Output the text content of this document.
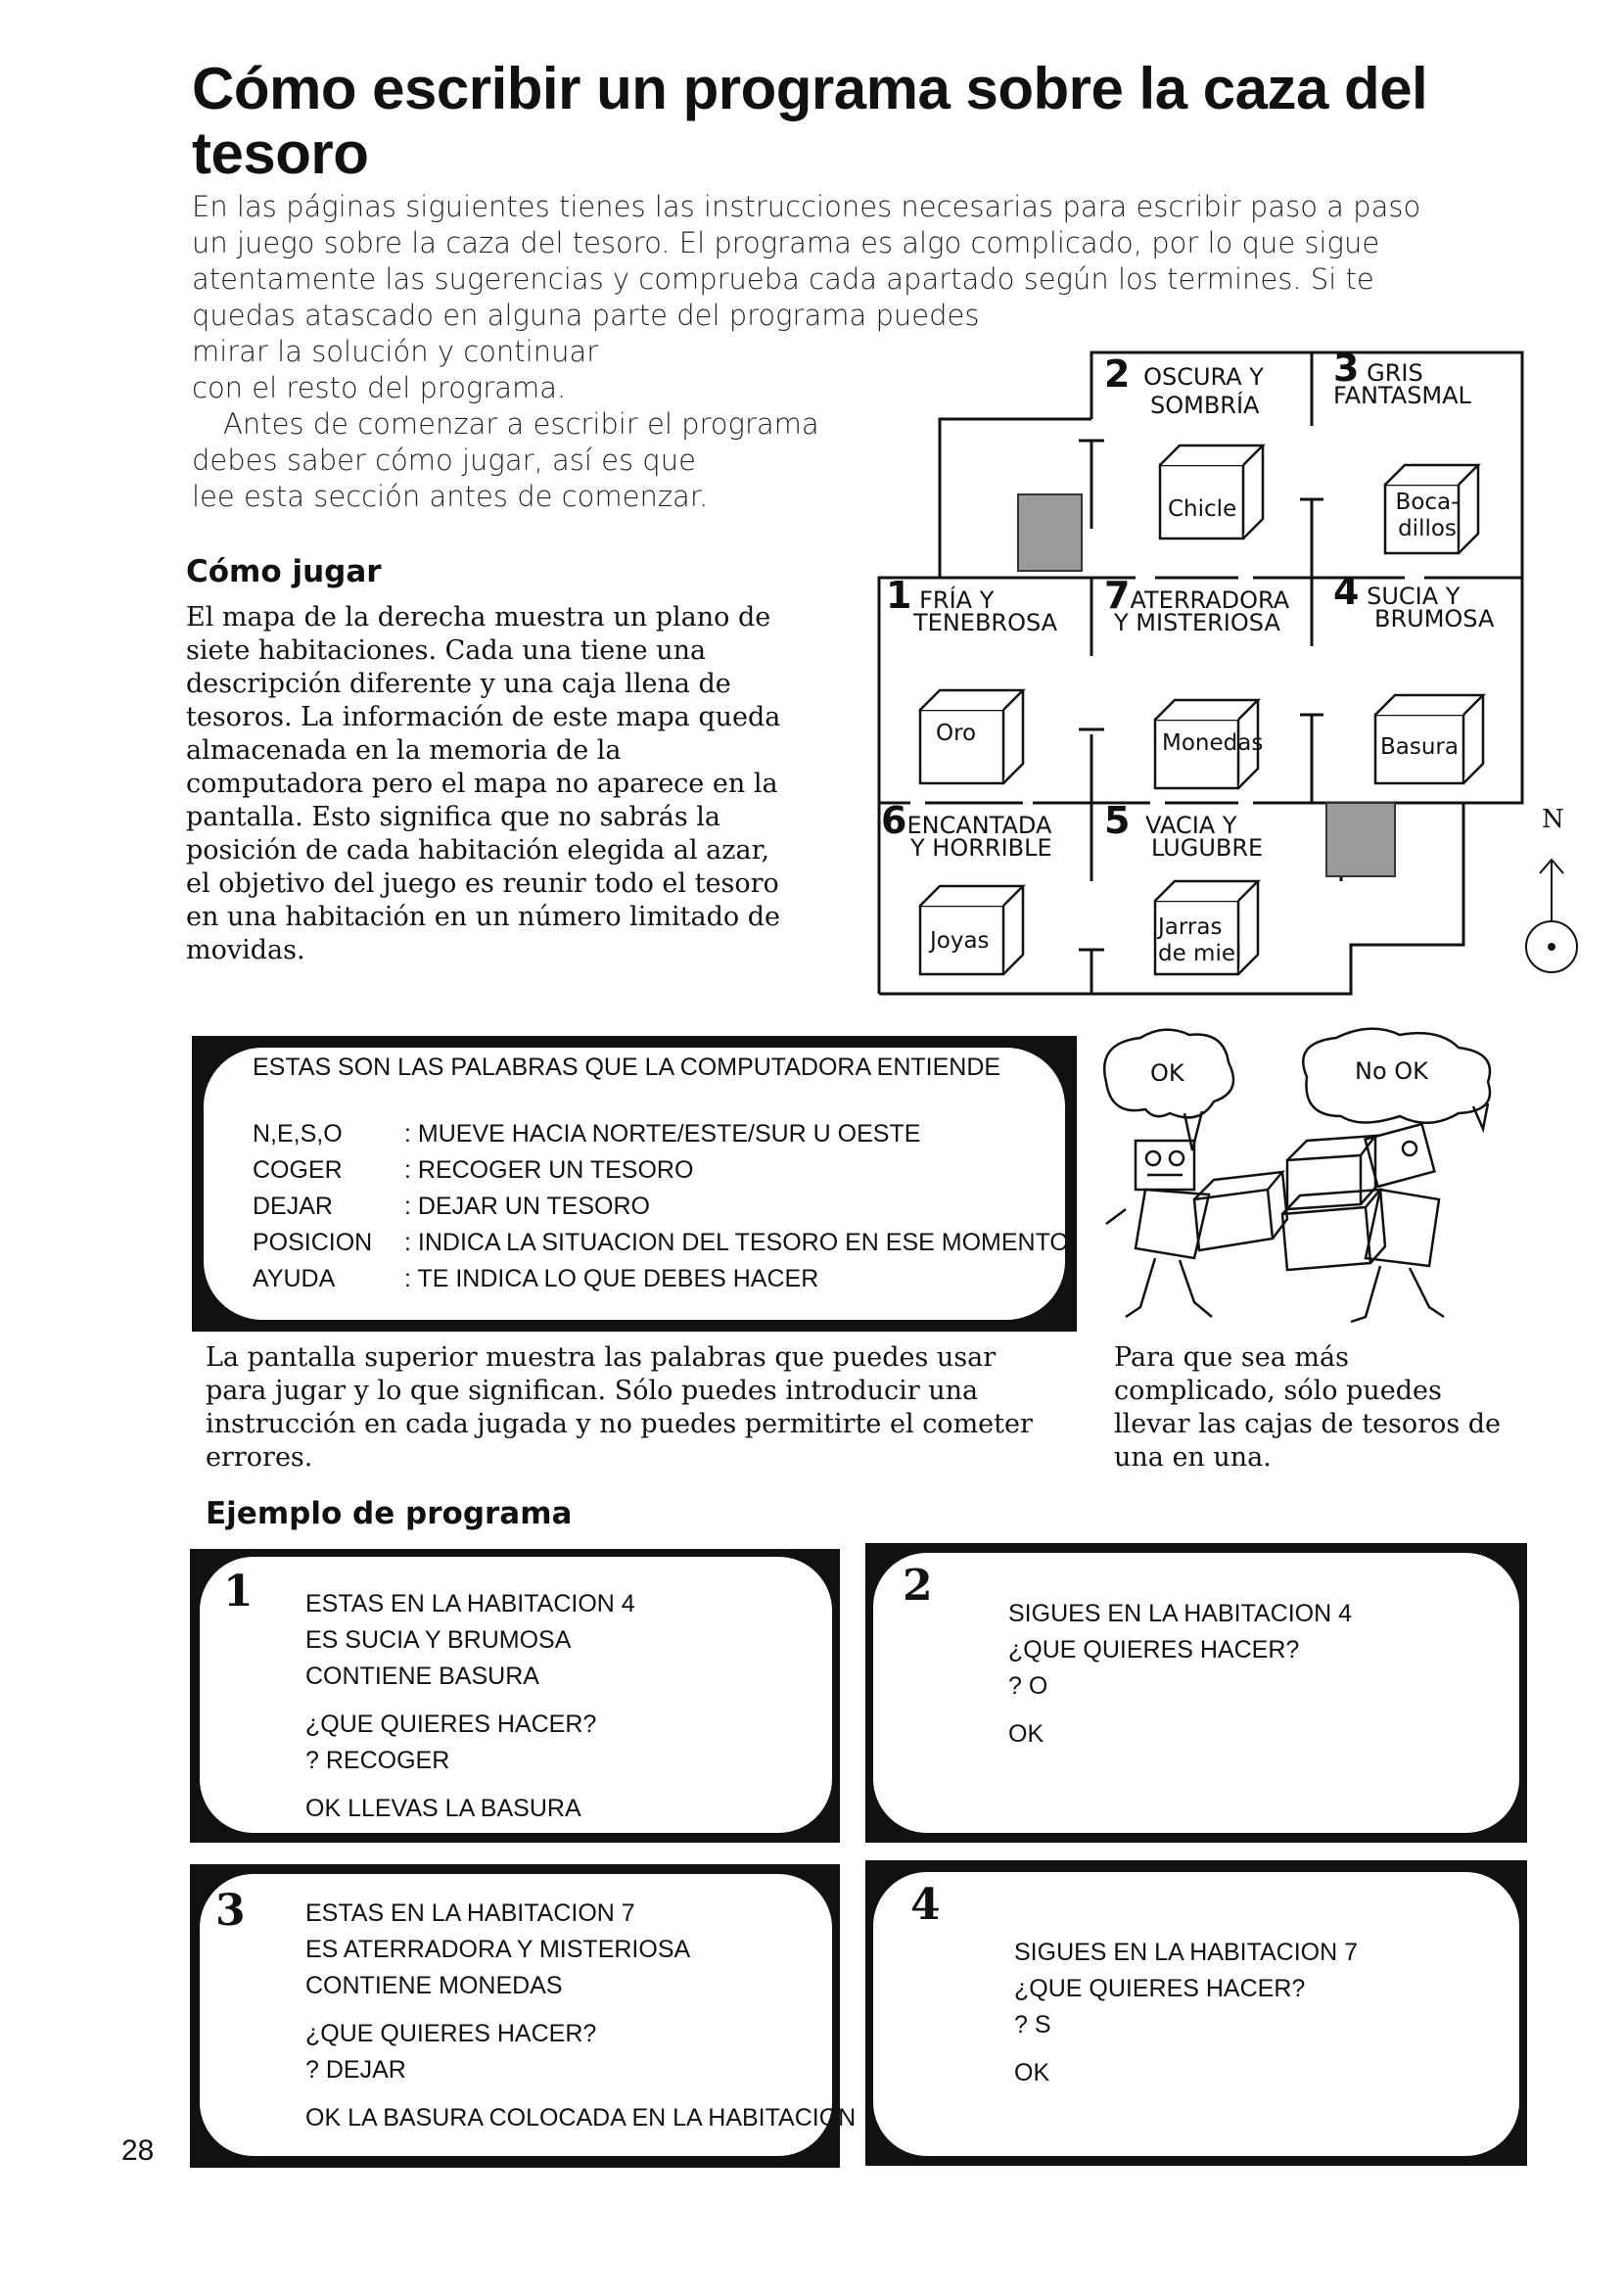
Cómo escribir un programa sobre la caza del tesoro
En las páginas siguientes tienes las instrucciones necesarias para escribir paso a paso
un juego sobre la caza del tesoro. El programa es algo complicado, por lo que sigue
atentamente las sugerencias y comprueba cada apartado según los termines. Si te
quedas atascado en alguna parte del programa puedes
mirar la solución y continuar
con el resto del programa.
Antes de comenzar a escribir el programa
debes saber cómo jugar, así es que
lee esta sección antes de comenzar.
Cómo jugar
El mapa de la derecha muestra un plano de
siete habitaciones. Cada una tiene una
descripción diferente y una caja llena de
tesoros. La información de este mapa queda
almacenada en la memoria de la
computadora pero el mapa no aparece en la
pantalla. Esto significa que no sabrás la
posición de cada habitación elegida al azar,
el objetivo del juego es reunir todo el tesoro
en una habitación en un número limitado de
movidas.
2 OSCURA Y
SOMBRÍA
3 GRIS
FANTASMAL
1 FRÍA Y
TENEBROSA
7ATERRADORA
Y MISTERIOSA
4 SUCIA Y
BRUMOSA
6ENCANTADA
Y HORRIBLE
5 VACIA Y
LUGUBRE
Chicle	Boca-
dillos
Oro	Monedas	Basura
Joyas
Jarras
de miel
N
ESTAS SON LAS PALABRAS QUE LA COMPUTADORA ENTIENDE
N,E,S,O	: MUEVE HACIA NORTE/ESTE/SUR U OESTE
COGER	: RECOGER UN TESORO
DEJAR	: DEJAR UN TESORO
POSICION	: INDICA LA SITUACION DEL TESORO EN ESE MOMENTO
AYUDA	: TE INDICA LO QUE DEBES HACER
OK	No OK
La pantalla superior muestra las palabras que puedes usar
para jugar y lo que significan. Sólo puedes introducir una
instrucción en cada jugada y no puedes permitirte el cometer
errores.
Para que sea más
complicado, sólo puedes
llevar las cajas de tesoros de
una en una.
Ejemplo de programa
1 ESTAS EN LA HABITACION 4
ES SUCIA Y BRUMOSA
CONTIENE BASURA
¿QUE QUIERES HACER?
? RECOGER
OK LLEVAS LA BASURA
2
SIGUES EN LA HABITACION 4
¿QUE QUIERES HACER?
? O
OK
3 ESTAS EN LA HABITACION 7
ES ATERRADORA Y MISTERIOSA
CONTIENE MONEDAS
¿QUE QUIERES HACER?
? DEJAR
OK LA BASURA COLOCADA EN LA HABITACION
4
SIGUES EN LA HABITACION 7
¿QUE QUIERES HACER?
? S
OK
28
